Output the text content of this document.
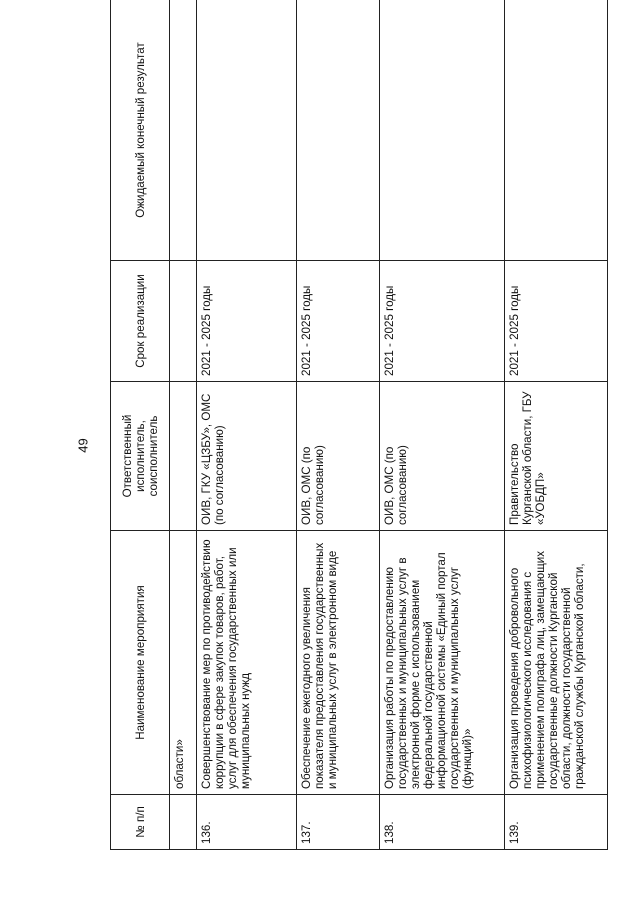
49
№ п/п	Наименование мероприятия	Ответственный исполнитель, соисполнитель	Срок реализации	Ожидаемый конечный результат
	области»			
136.	Совершенствование мер по противодействию коррупции в сфере закупок товаров, работ, услуг для обеспечения государственных или муниципальных нужд	ОИВ, ГКУ «ЦЗБУ», ОМС (по согласованию)	2021 - 2025 годы	
137.	Обеспечение ежегодного увеличения показателя предоставления государственных и муниципальных услуг в электронном виде	ОИВ, ОМС (по согласованию)	2021 - 2025 годы	
138.	Организация работы по предоставлению государственных и муниципальных услуг в электронной форме с использованием федеральной государственной информационной системы «Единый портал государственных и муниципальных услуг (функций)»	ОИВ, ОМС (по согласованию)	2021 - 2025 годы	
139.	Организация проведения добровольного психофизиологического исследования с применением полиграфа лиц, замещающих государственные должности Курганской области, должности государственной гражданской службы Курганской области,	Правительство Курганской области, ГБУ «УОБДП»	2021 - 2025 годы	
